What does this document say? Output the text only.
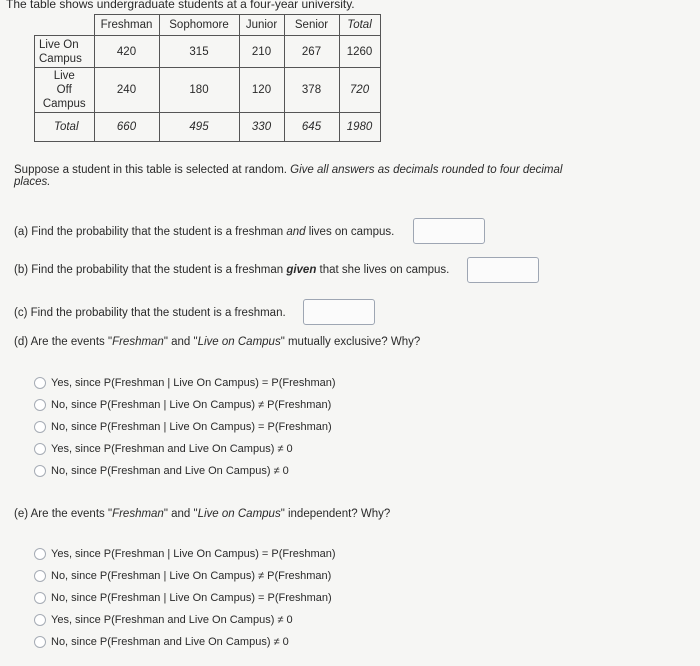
The table shows undergraduate students at a four-year university.
	Freshman	Sophomore	Junior	Senior	Total
Live On
Campus	420	315	210	267	1260
Live
Off
Campus	240	180	120	378	720
Total	660	495	330	645	1980
Suppose a student in this table is selected at random. Give all answers as decimals rounded to four decimal
places.
(a) Find the probability that the student is a freshman and lives on campus.
(b) Find the probability that the student is a freshman given that she lives on campus.
(c) Find the probability that the student is a freshman.
(d) Are the events "Freshman" and "Live on Campus" mutually exclusive? Why?
Yes, since P(Freshman | Live On Campus) = P(Freshman)
No, since P(Freshman | Live On Campus) ≠ P(Freshman)
No, since P(Freshman | Live On Campus) = P(Freshman)
Yes, since P(Freshman and Live On Campus) ≠ 0
No, since P(Freshman and Live On Campus) ≠ 0
(e) Are the events "Freshman" and "Live on Campus" independent? Why?
Yes, since P(Freshman | Live On Campus) = P(Freshman)
No, since P(Freshman | Live On Campus) ≠ P(Freshman)
No, since P(Freshman | Live On Campus) = P(Freshman)
Yes, since P(Freshman and Live On Campus) ≠ 0
No, since P(Freshman and Live On Campus) ≠ 0
